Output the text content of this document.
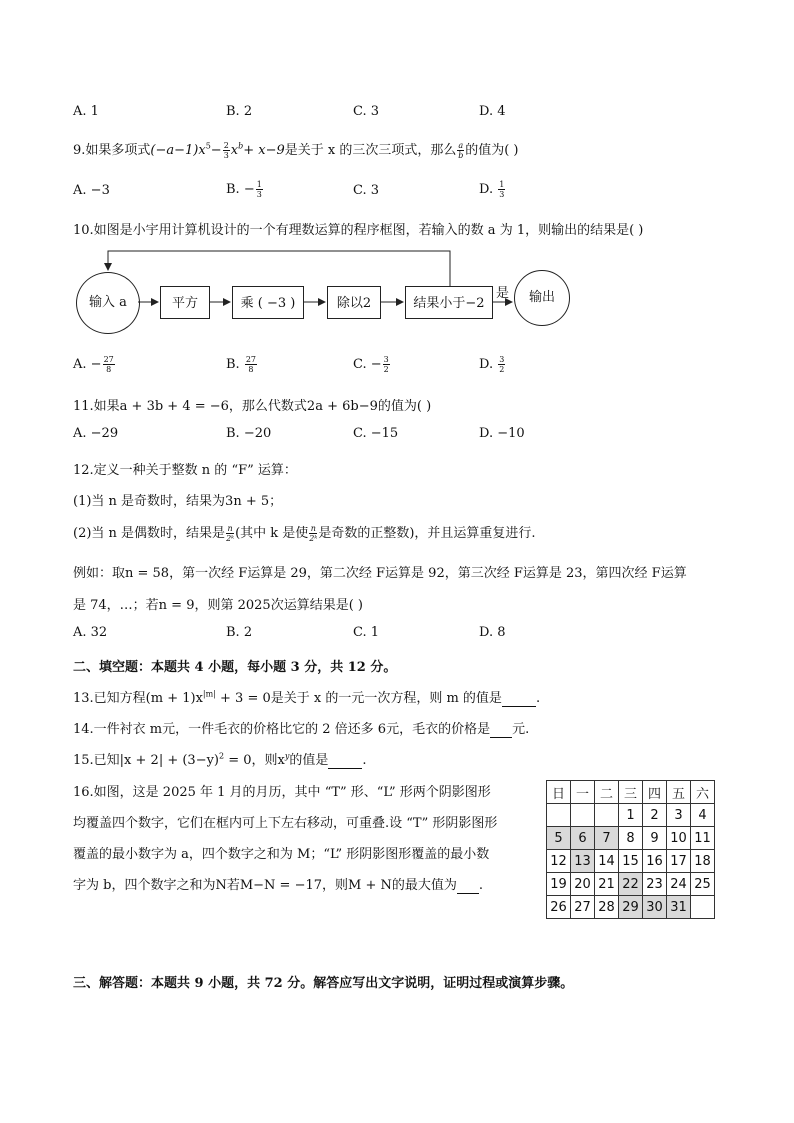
A. 1	B. 2	C. 3	D. 4
9.如果多项式$(-a-1)x^5- \frac{2}{3} x^b+ x-9$是关于 x 的三次三项式，那么 $\frac{a}{b}$ 的值为( )
A. −3	B. − $\frac{1}{3}$	C. 3	D. $\frac{1}{3}$
10.如图是小宇用计算机设计的一个有理数运算的程序框图，若输入的数 a 为 1，则输出的结果是( )
输入 a	平方	乘 ( −3 )	除以2	结果小于−2
是	输出
A. − $\frac{27}{8}$	B. $\frac{27}{8}$	C. − $\frac{3}{2}$	D. $\frac{3}{2}$
11.如果a + 3b + 4 = −6，那么代数式2a + 6b−9的值为( )
A. −29	B. −20	C. −15	D. −10
12.定义一种关于整数 n 的 “F” 运算：
(1)当 n 是奇数时，结果为3n + 5；
(2)当 n 是偶数时，结果是 $\frac{n}{\text{2ᵏ}}$ (其中 k 是使 $\frac{n}{\text{2ᵏ}}$ 是奇数的正整数)，并且运算重复进行.
例如：取n = 58，第一次经 F运算是 29，第二次经 F运算是 92，第三次经 F运算是 23，第四次经 F运算
是 74，…；若n = 9，则第 2025次运算结果是( )
A. 32	B. 2	C. 1	D. 8
二、填空题：本题共 4 小题，每小题 3 分，共 12 分。
13.已知方程$(m + 1)x^{|m|} + 3 = 0$是关于 x 的一元一次方程，则 m 的值是	.
14.一件衬衣 m元，一件毛衣的价格比它的 2 倍还多 6元，毛衣的价格是 元.
15.已知$|x + 2| + (3-y)^2 = 0$，则$x^y$的值是	.
16.如图，这是 2025 年 1 月的月历，其中 “T” 形、“L” 形两个阴影图形
均覆盖四个数字，它们在框内可上下左右移动，可重叠.设 “T” 形阴影图形
覆盖的最小数字为 a，四个数字之和为 M；“L” 形阴影图形覆盖的最小数
字为 b，四个数字之和为N若M−N = −17，则M + N的最大值为 .
日	一	二	三	四	五	六
			1	2	3	4
5	6	7	8	9	10	11
12	13	14	15	16	17	18
19	20	21	22	23	24	25
26	27	28	29	30	31	
三、解答题：本题共 9 小题，共 72 分。解答应写出文字说明，证明过程或演算步骤。
